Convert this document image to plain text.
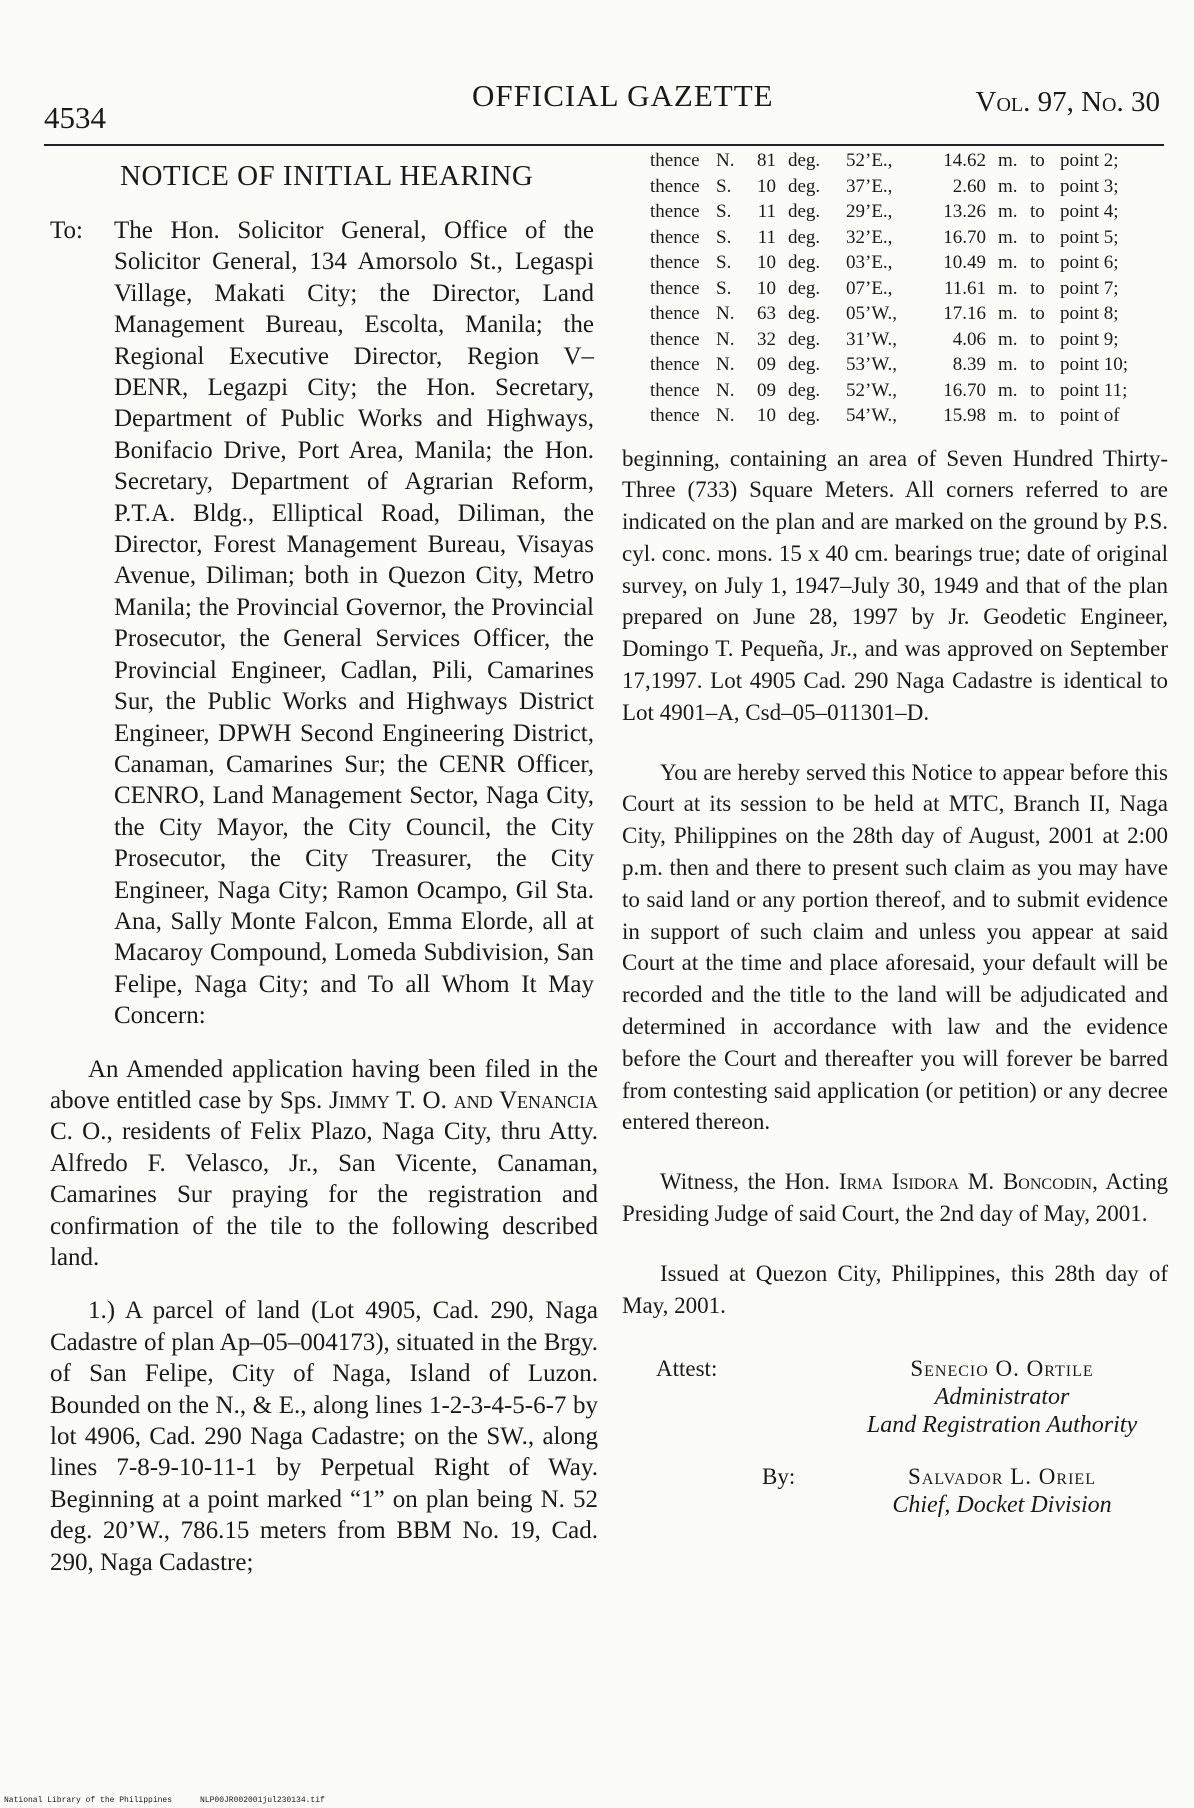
4534
OFFICIAL GAZETTE	Vol. 97, No. 30
NOTICE OF INITIAL HEARING
To:	The Hon. Solicitor General, Office of the Solicitor General, 134 Amorsolo St., Legaspi Village, Makati City; the Director, Land Management Bureau, Escolta, Manila; the Regional Executive Director, Region V–DENR, Legazpi City; the Hon. Secretary, Department of Public Works and Highways, Bonifacio Drive, Port Area, Manila; the Hon. Secretary, Department of Agrarian Reform, P.T.A. Bldg., Elliptical Road, Diliman, the Director, Forest Management Bureau, Visayas Avenue, Diliman; both in Quezon City, Metro Manila; the Provincial Governor, the Provincial Prosecutor, the General Services Officer, the Provincial Engineer, Cadlan, Pili, Camarines Sur, the Public Works and Highways District Engineer, DPWH Second Engineering District, Canaman, Camarines Sur; the CENR Officer, CENRO, Land Management Sector, Naga City, the City Mayor, the City Council, the City Prosecutor, the City Treasurer, the City Engineer, Naga City; Ramon Ocampo, Gil Sta. Ana, Sally Monte Falcon, Emma Elorde, all at Macaroy Compound, Lomeda Subdivision, San Felipe, Naga City; and To all Whom It May Concern:

An Amended application having been filed in the above entitled case by Sps. Jimmy T. O. and Venancia C. O., residents of Felix Plazo, Naga City, thru Atty. Alfredo F. Velasco, Jr., San Vicente, Canaman, Camarines Sur praying for the registration and confirmation of the tile to the following described land.

1.) A parcel of land (Lot 4905, Cad. 290, Naga Cadastre of plan Ap–05–004173), situated in the Brgy. of San Felipe, City of Naga, Island of Luzon. Bounded on the N., & E., along lines 1-2-3-4-5-6-7 by lot 4906, Cad. 290 Naga Cadastre; on the SW., along lines 7-8-9-10-11-1 by Perpetual Right of Way. Beginning at a point marked “1” on plan being N. 52 deg. 20’W., 786.15 meters from BBM No. 19, Cad. 290, Naga Cadastre;

thence N.	81 deg.	52’E.,	14.62 m. to point 2;
thence S.	10 deg.	37’E.,	2.60 m. to point 3;
thence S.	11 deg.	29’E.,	13.26 m. to point 4;
thence S.	11 deg.	32’E.,	16.70 m. to point 5;
thence S.	10 deg.	03’E.,	10.49 m. to point 6;
thence S.	10 deg.	07’E.,	11.61 m. to point 7;
thence N.	63 deg.	05’W.,	17.16 m. to point 8;
thence N.	32 deg.	31’W.,	4.06 m. to point 9;
thence N.	09 deg.	53’W.,	8.39 m. to point 10;
thence N.	09 deg.	52’W.,	16.70 m. to point 11;
thence N.	10 deg.	54’W.,	15.98 m. to point of

beginning, containing an area of Seven Hundred Thirty-Three (733) Square Meters. All corners referred to are indicated on the plan and are marked on the ground by P.S. cyl. conc. mons. 15 x 40 cm. bearings true; date of original survey, on July 1, 1947–July 30, 1949 and that of the plan prepared on June 28, 1997 by Jr. Geodetic Engineer, Domingo T. Pequeña, Jr., and was approved on September 17,1997. Lot 4905 Cad. 290 Naga Cadastre is identical to Lot 4901–A, Csd–05–011301–D.

You are hereby served this Notice to appear before this Court at its session to be held at MTC, Branch II, Naga City, Philippines on the 28th day of August, 2001 at 2:00 p.m. then and there to present such claim as you may have to said land or any portion thereof, and to submit evidence in support of such claim and unless you appear at said Court at the time and place aforesaid, your default will be recorded and the title to the land will be adjudicated and determined in accordance with law and the evidence before the Court and thereafter you will forever be barred from contesting said application (or petition) or any decree entered thereon.

Witness, the Hon. Irma Isidora M. Boncodin, Acting Presiding Judge of said Court, the 2nd day of May, 2001.

Issued at Quezon City, Philippines, this 28th day of May, 2001.

Attest:	Senecio O. Ortile
Administrator
Land Registration Authority
By:	Salvador L. Oriel
Chief, Docket Division
National Library of the Philippines	NLP00JR002001jul230134.tif
